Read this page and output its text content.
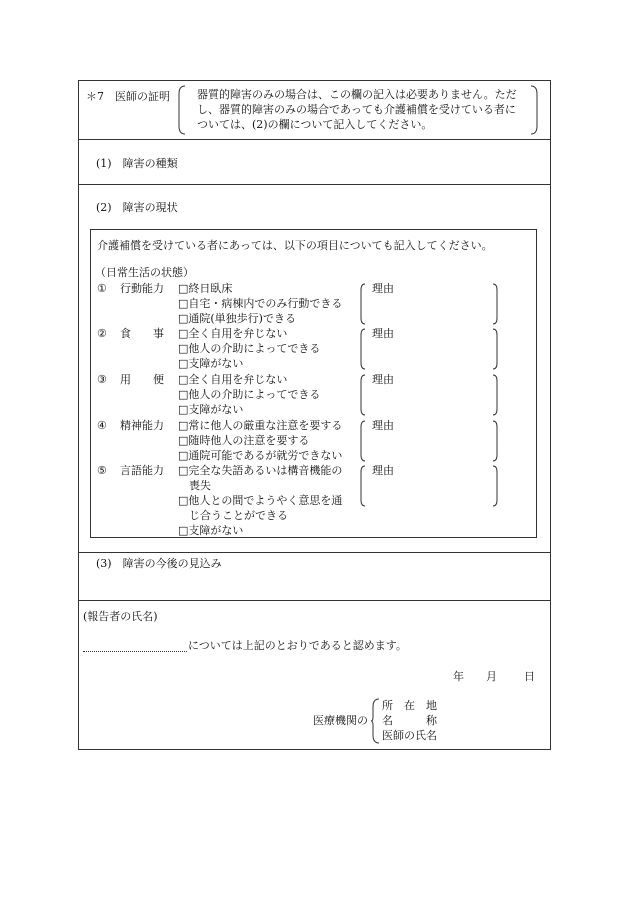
＊7　医師の証明 器質的障害のみの場合は、この欄の記入は必要ありません。ただ
し、器質的障害のみの場合であっても介護補償を受けている者に
ついては、(2)の欄について記入してください。
(1)　障害の種類
(2)　障害の現状
介護補償を受けている者にあっては、以下の項目についても記入してください。
（日常生活の状態）
① 行動能力 □終日臥床
□自宅・病棟内でのみ行動できる
□通院(単独歩行)できる
理由
② 食　　事 □全く自用を弁じない
□他人の介助によってできる
□支障がない
理由
③ 用　　便 □全く自用を弁じない
□他人の介助によってできる
□支障がない
理由
④ 精神能力 □常に他人の厳重な注意を要する
□随時他人の注意を要する
□通院可能であるが就労できない
理由
⑤ 言語能力 □完全な失語あるいは構音機能の
　喪失
□他人との間でようやく意思を通
　じ合うことができる
□支障がない
理由
(3)　障害の今後の見込み
(報告者の氏名)
については上記のとおりであると認めます。
年 月 日
医療機関の
所　在　地
名　　　称
医師の氏名
